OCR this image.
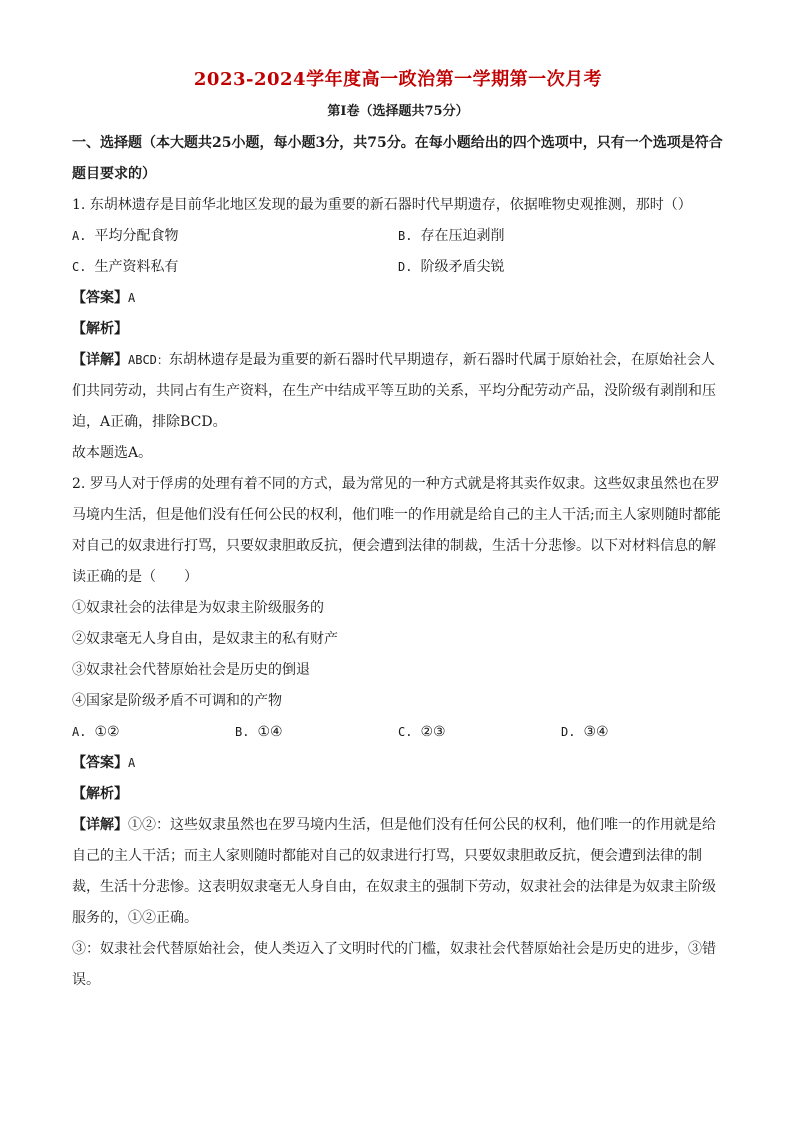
2023-2024学年度高一政治第一学期第一次月考
第Ⅰ卷（选择题共75分）

一、选择题（本大题共25小题，每小题3分，共75分。在每小题给出的四个选项中，只有一个选项是符合题目要求的）

1. 东胡林遗存是目前华北地区发现的最为重要的新石器时代早期遗存，依据唯物史观推测，那时（）

A. 平均分配食物	B. 存在压迫剥削
C. 生产资料私有	D. 阶级矛盾尖锐

【答案】A

【解析】

【详解】ABCD：东胡林遗存是最为重要的新石器时代早期遗存，新石器时代属于原始社会，在原始社会人们共同劳动，共同占有生产资料，在生产中结成平等互助的关系，平均分配劳动产品，没阶级有剥削和压迫，A正确，排除BCD。

故本题选A。

2. 罗马人对于俘虏的处理有着不同的方式，最为常见的一种方式就是将其卖作奴隶。这些奴隶虽然也在罗马境内生活，但是他们没有任何公民的权利，他们唯一的作用就是给自己的主人干活;而主人家则随时都能对自己的奴隶进行打骂，只要奴隶胆敢反抗，便会遭到法律的制裁，生活十分悲惨。以下对材料信息的解读正确的是（　　）

①奴隶社会的法律是为奴隶主阶级服务的

②奴隶毫无人身自由，是奴隶主的私有财产

③奴隶社会代替原始社会是历史的倒退

④国家是阶级矛盾不可调和的产物

A. ①②	B. ①④	C. ②③	D. ③④

【答案】A

【解析】

【详解】①②：这些奴隶虽然也在罗马境内生活，但是他们没有任何公民的权利，他们唯一的作用就是给自己的主人干活；而主人家则随时都能对自己的奴隶进行打骂，只要奴隶胆敢反抗，便会遭到法律的制裁，生活十分悲惨。这表明奴隶毫无人身自由，在奴隶主的强制下劳动，奴隶社会的法律是为奴隶主阶级服务的，①②正确。

③：奴隶社会代替原始社会，使人类迈入了文明时代的门槛，奴隶社会代替原始社会是历史的进步，③错误。
